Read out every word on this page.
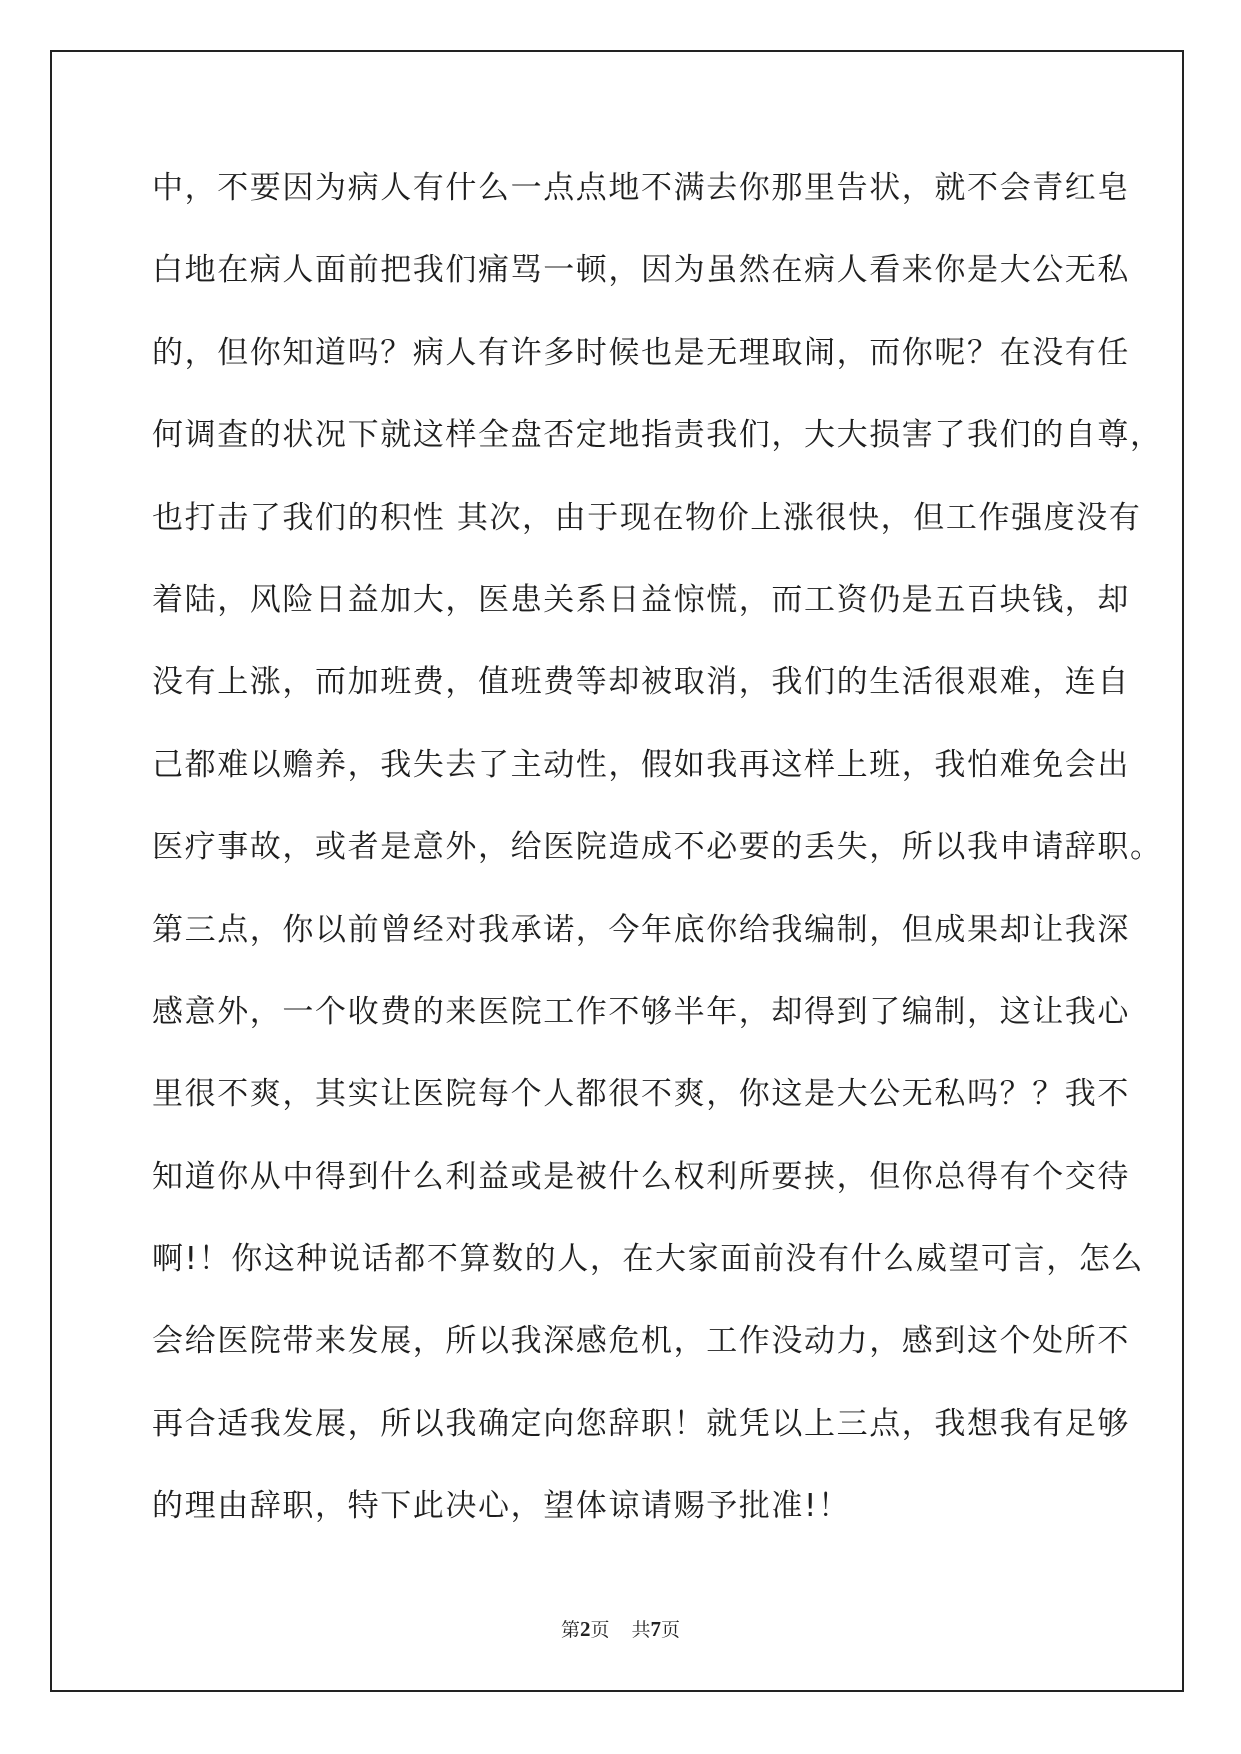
中，不要因为病人有什么一点点地不满去你那里告状，就不会青红皂
白地在病人面前把我们痛骂一顿，因为虽然在病人看来你是大公无私
的，但你知道吗？病人有许多时候也是无理取闹，而你呢？在没有任
何调查的状况下就这样全盘否定地指责我们，大大损害了我们的自尊，
也打击了我们的积性 其次，由于现在物价上涨很快，但工作强度没有
着陆，风险日益加大，医患关系日益惊慌，而工资仍是五百块钱，却
没有上涨，而加班费，值班费等却被取消，我们的生活很艰难，连自
己都难以赡养，我失去了主动性，假如我再这样上班，我怕难免会出
医疗事故，或者是意外，给医院造成不必要的丢失，所以我申请辞职。
第三点，你以前曾经对我承诺，今年底你给我编制，但成果却让我深
感意外，一个收费的来医院工作不够半年，却得到了编制，这让我心
里很不爽，其实让医院每个人都很不爽，你这是大公无私吗？？我不
知道你从中得到什么利益或是被什么权利所要挟，但你总得有个交待
啊!！你这种说话都不算数的人，在大家面前没有什么威望可言，怎么
会给医院带来发展，所以我深感危机，工作没动力，感到这个处所不
再合适我发展，所以我确定向您辞职！就凭以上三点，我想我有足够
的理由辞职，特下此决心，望体谅请赐予批准!！
第2页 共7页
